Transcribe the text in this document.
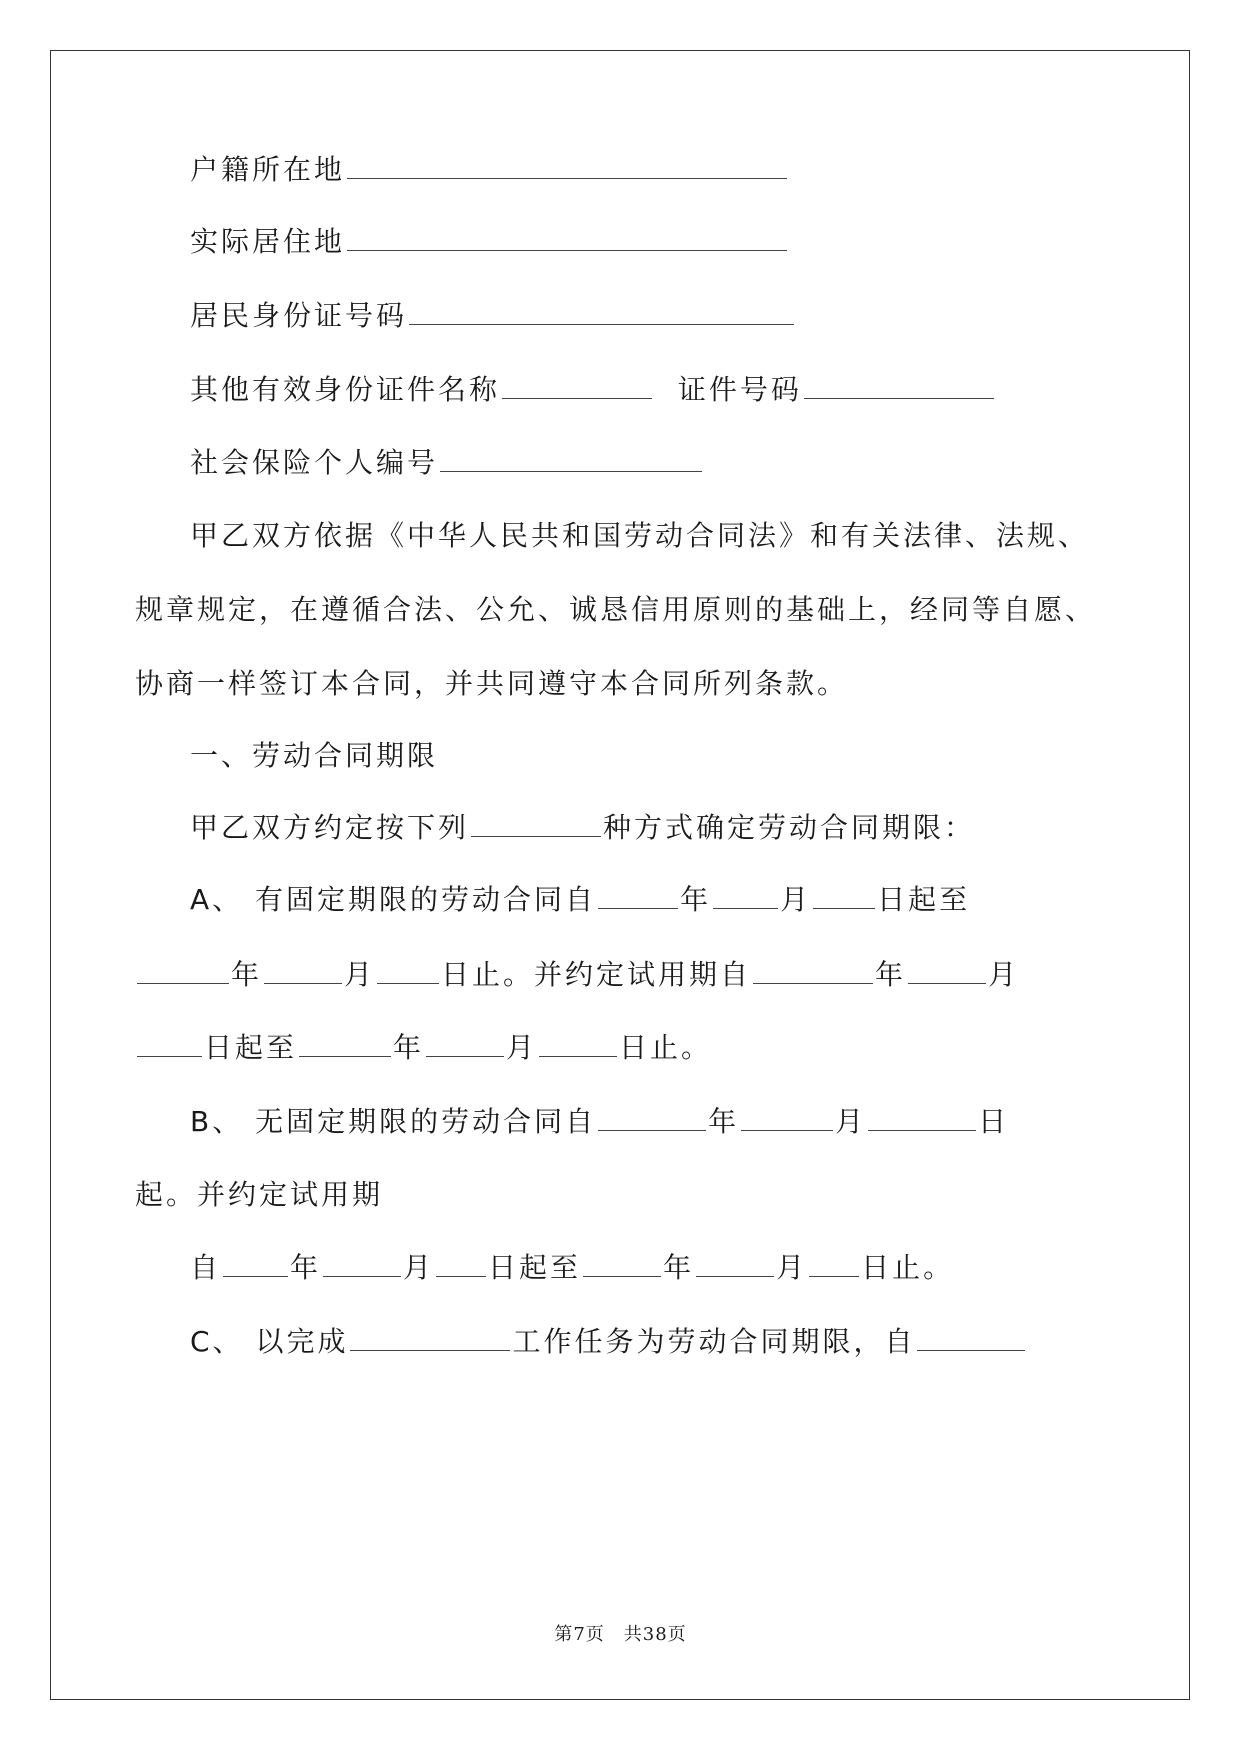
户籍所在地
实际居住地
居民身份证号码
其他有效身份证件名称	证件号码
社会保险个人编号
甲乙双方依据《中华人民共和国劳动合同法》和有关法律、法规、
规章规定，在遵循合法、公允、诚恳信用原则的基础上，经同等自愿、
协商一样签订本合同，并共同遵守本合同所列条款。
一、劳动合同期限
甲乙双方约定按下列	种方式确定劳动合同期限：
A、 有固定期限的劳动合同自	年 月 日起至
年	月 日止。并约定试用期自	年	月
日起至	年	月	日止。
B、 无固定期限的劳动合同自	年	月	日
起。并约定试用期
自 年	月 日起至	年	月 日止。
C、 以完成	工作任务为劳动合同期限，自
第7页　共38页
